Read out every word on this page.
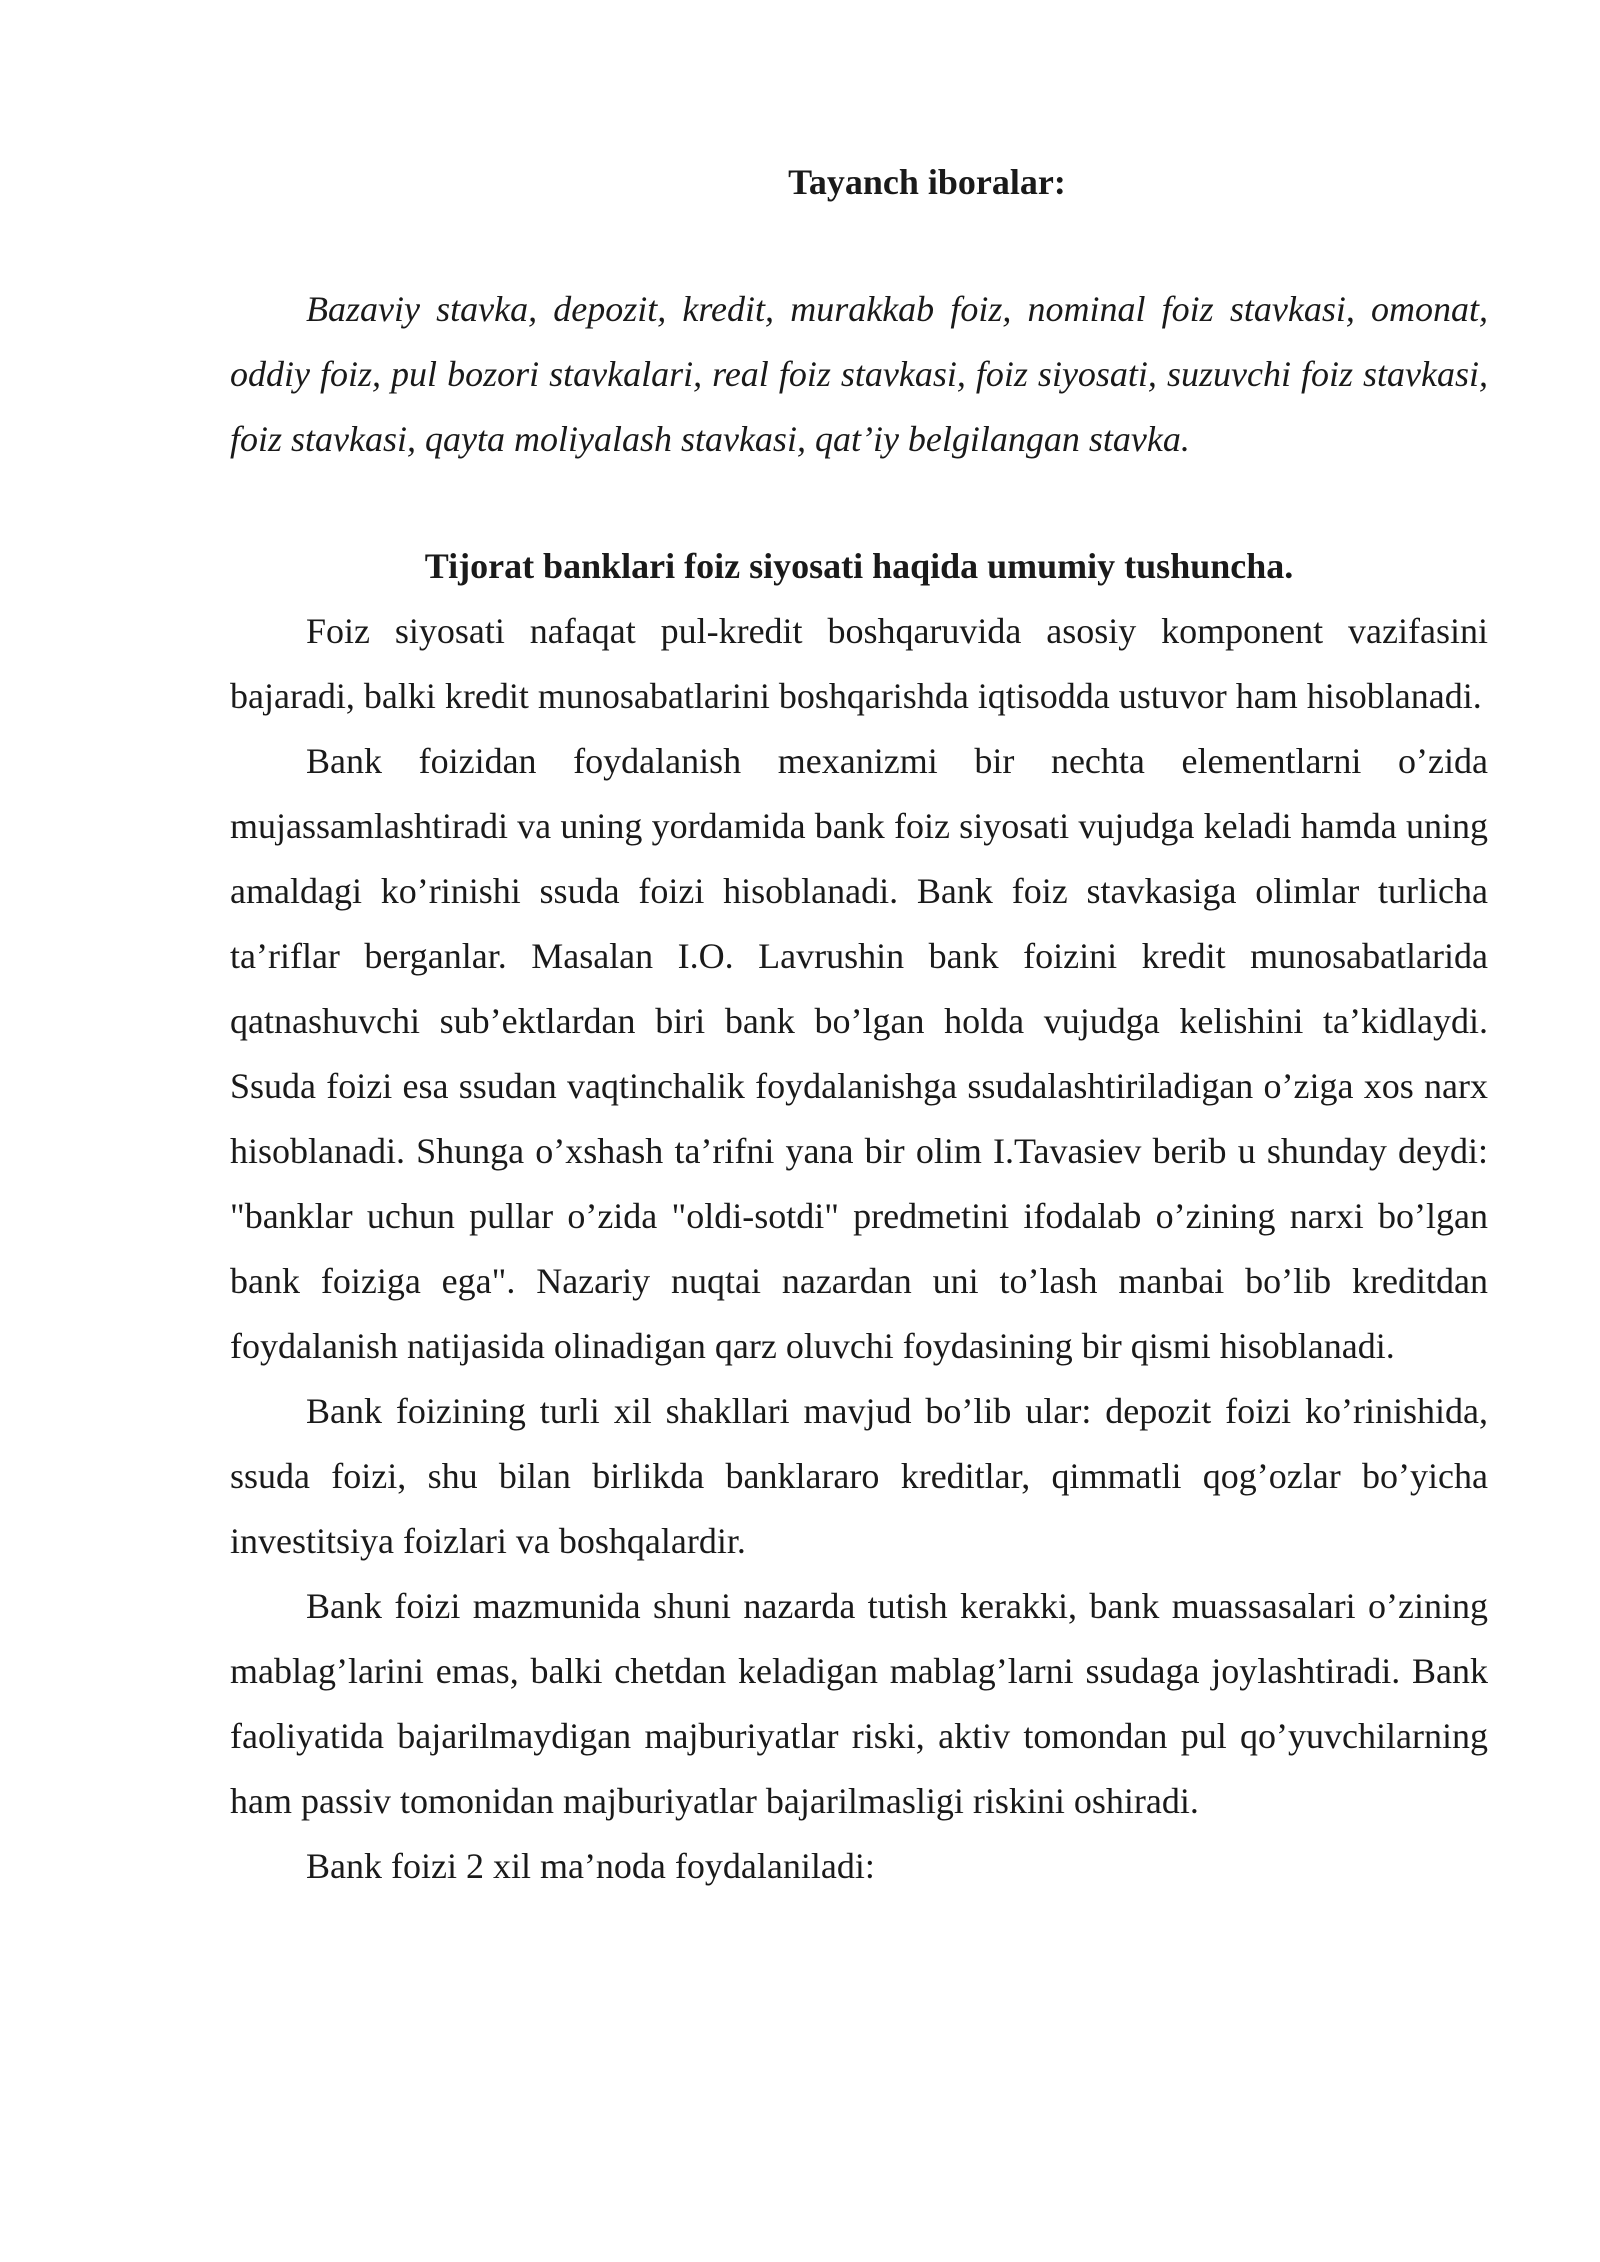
Tayanch iboralar:

Bazaviy stavka, depozit, kredit, murakkab foiz, nominal foiz stavkasi, omonat, oddiy foiz, pul bozori stavkalari, real foiz stavkasi, foiz siyosati, suzuvchi foiz stavkasi, foiz stavkasi, qayta moliyalash stavkasi, qat’iy belgilangan stavka.

Tijorat banklari foiz siyosati haqida umumiy tushuncha.

Foiz siyosati nafaqat pul-kredit boshqaruvida asosiy komponent vazifasini bajaradi, balki kredit munosabatlarini boshqarishda iqtisodda ustuvor ham hisoblanadi.

Bank foizidan foydalanish mexanizmi bir nechta elementlarni o’zida mujassamlashtiradi va uning yordamida bank foiz siyosati vujudga keladi hamda uning amaldagi ko’rinishi ssuda foizi hisoblanadi. Bank foiz stavkasiga olimlar turlicha ta’riflar berganlar. Masalan I.O. Lavrushin bank foizini kredit munosabatlarida qatnashuvchi sub’ektlardan biri bank bo’lgan holda vujudga kelishini ta’kidlaydi. Ssuda foizi esa ssudan vaqtinchalik foydalanishga ssudalashtiriladigan o’ziga xos narx hisoblanadi. Shunga o’xshash ta’rifni yana bir olim I.Tavasiev berib u shunday deydi: "banklar uchun pullar o’zida "oldi-sotdi" predmetini ifodalab o’zining narxi bo’lgan bank foiziga ega". Nazariy nuqtai nazardan uni to’lash manbai bo’lib kreditdan foydalanish natijasida olinadigan qarz oluvchi foydasining bir qismi hisoblanadi.

Bank foizining turli xil shakllari mavjud bo’lib ular: depozit foizi ko’rinishida, ssuda foizi, shu bilan birlikda banklararo kreditlar, qimmatli qog’ozlar bo’yicha investitsiya foizlari va boshqalardir.

Bank foizi mazmunida shuni nazarda tutish kerakki, bank muassasalari o’zining mablag’larini emas, balki chetdan keladigan mablag’larni ssudaga joylashtiradi. Bank faoliyatida bajarilmaydigan majburiyatlar riski, aktiv tomondan pul qo’yuvchilarning ham passiv tomonidan majburiyatlar bajarilmasligi riskini oshiradi.

Bank foizi 2 xil ma’noda foydalaniladi:
